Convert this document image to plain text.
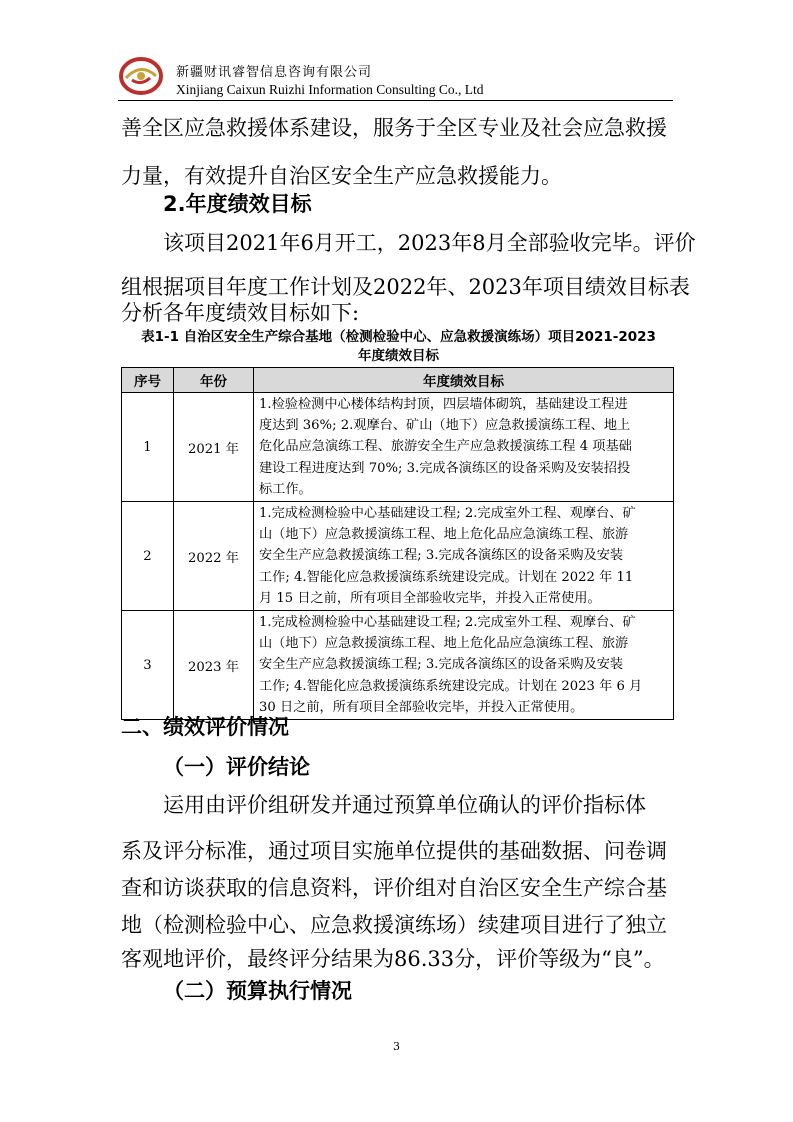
新疆财讯睿智信息咨询有限公司
Xinjiang Caixun Ruizhi Information Consulting Co., Ltd
善全区应急救援体系建设，服务于全区专业及社会应急救援
力量，有效提升自治区安全生产应急救援能力。
2.年度绩效目标
该项目2021年6月开工，2023年8月全部验收完毕。评价
组根据项目年度工作计划及2022年、2023年项目绩效目标表
分析各年度绩效目标如下:
表1-1 自治区安全生产综合基地（检测检验中心、应急救援演练场）项目2021-2023
年度绩效目标
序号	年份	年度绩效目标
1	2021 年	1.检验检测中心楼体结构封顶，四层墙体砌筑，基础建设工程进
度达到 36%; 2.观摩台、矿山（地下）应急救援演练工程、地上
危化品应急演练工程、旅游安全生产应急救援演练工程 4 项基础
建设工程进度达到 70%; 3.完成各演练区的设备采购及安装招投
标工作。

2	2022 年	1.完成检测检验中心基础建设工程; 2.完成室外工程、观摩台、矿
山（地下）应急救援演练工程、地上危化品应急演练工程、旅游
安全生产应急救援演练工程; 3.完成各演练区的设备采购及安装
工作; 4.智能化应急救援演练系统建设完成。计划在 2022 年 11
月 15 日之前，所有项目全部验收完毕，并投入正常使用。

3	2023 年	1.完成检测检验中心基础建设工程; 2.完成室外工程、观摩台、矿
山（地下）应急救援演练工程、地上危化品应急演练工程、旅游
安全生产应急救援演练工程; 3.完成各演练区的设备采购及安装
工作; 4.智能化应急救援演练系统建设完成。计划在 2023 年 6 月
30 日之前，所有项目全部验收完毕，并投入正常使用。
二、绩效评价情况
（一）评价结论
运用由评价组研发并通过预算单位确认的评价指标体
系及评分标准，通过项目实施单位提供的基础数据、问卷调
查和访谈获取的信息资料，评价组对自治区安全生产综合基
地（检测检验中心、应急救援演练场）续建项目进行了独立
客观地评价，最终评分结果为86.33分，评价等级为“良”。
（二）预算执行情况
3
